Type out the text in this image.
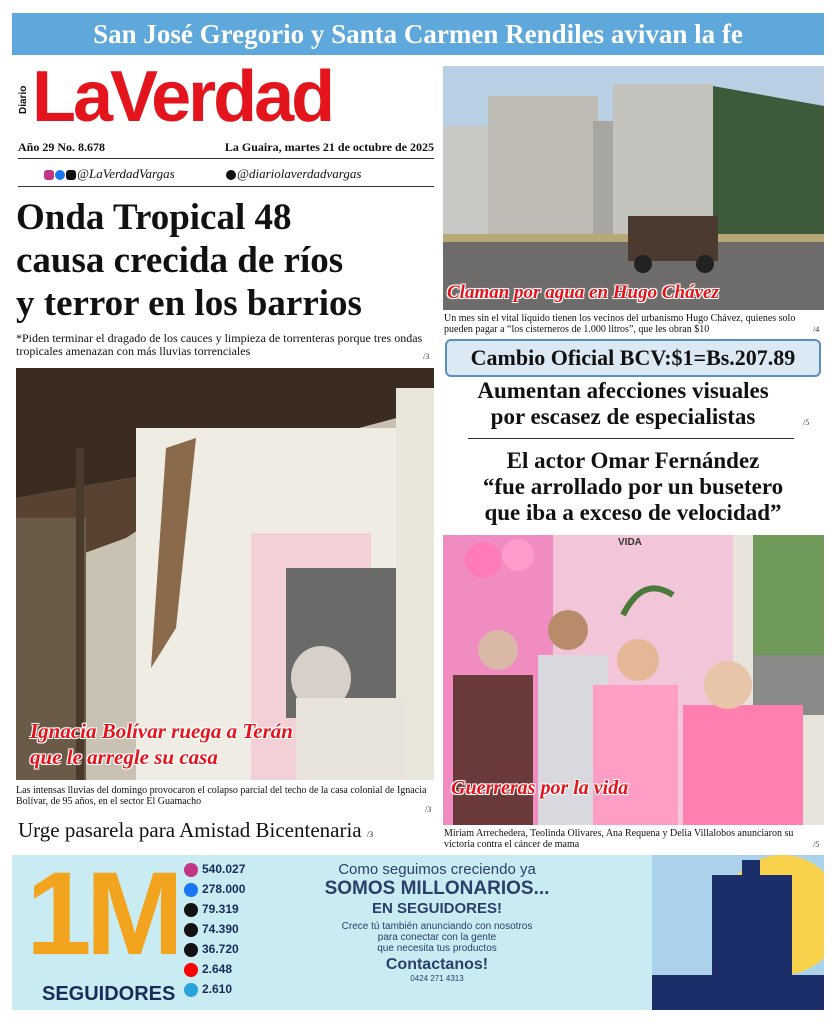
San José Gregorio y Santa Carmen Rendiles avivan la fe
Diario LaVerdad
Año 29 No. 8.678	La Guaira, martes 21 de octubre de 2025
@LaVerdadVargas	@diariolaverdadvargas
Onda Tropical 48
causa crecida de ríos
y terror en los barrios
*Piden terminar el dragado de los cauces y limpieza de torrenteras porque tres ondas tropicales amenazan con más lluvias torrenciales	/3
Ignacia Bolívar ruega a Terán
que le arregle su casa
Las intensas lluvias del domingo provocaron el colapso parcial del techo de la casa colonial de Ignacia Bolívar, de 95 años, en el sector El Guamacho
/3
Urge pasarela para Amistad Bicentenaria /3
Claman por agua en Hugo Chávez
Un mes sin el vital líquido tienen los vecinos del urbanismo Hugo Chávez, quienes solo pueden pagar a “los cisterneros de 1.000 litros”, que les obran $10	/4
Cambio Oficial BCV:$1=Bs.207.89
Aumentan afecciones visuales
por escasez de especialistas	/5
El actor Omar Fernández
“fue arrollado por un busetero
que iba a exceso de velocidad”
VIDA
Guerreras por la vida
Miriam Arrechedera, Teolinda Olivares, Ana Requena y Delia Villalobos anunciaron su victoria contra el cáncer de mama	/5
1M
SEGUIDORES
540.027
278.000
79.319
74.390
36.720
2.648
2.610
Como seguimos creciendo ya
SOMOS MILLONARIOS...
EN SEGUIDORES!
Crece tú también anunciando con nosotros
para conectar con la gente
que necesita tus productos
Contactanos!
0424 271 4313
